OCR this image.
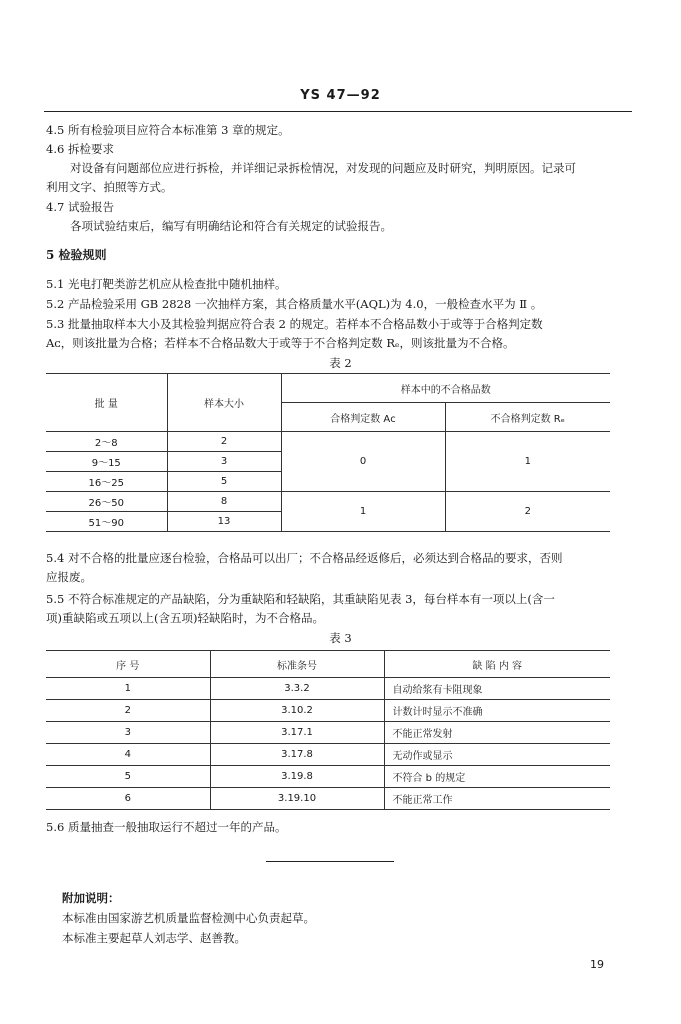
YS 47—92
4.5 所有检验项目应符合本标准第 3 章的规定。
4.6 拆检要求
对设备有问题部位应进行拆检，并详细记录拆检情况，对发现的问题应及时研究，判明原因。记录可
利用文字、拍照等方式。
4.7 试验报告
各项试验结束后，编写有明确结论和符合有关规定的试验报告。
5 检验规则
5.1 光电打靶类游艺机应从检查批中随机抽样。
5.2 产品检验采用 GB 2828 一次抽样方案，其合格质量水平(AQL)为 4.0，一般检查水平为 Ⅱ 。
5.3 批量抽取样本大小及其检验判据应符合表 2 的规定。若样本不合格品数小于或等于合格判定数
Aᴄ，则该批量为合格；若样本不合格品数大于或等于不合格判定数 Rₑ，则该批量为不合格。
表 2
批 量	样本大小	样本中的不合格品数	
		合格判定数 Aᴄ	不合格判定数 Rₑ
2～8	2	0	1
9～15	3		
16～25	5		
26～50	8	1	2
51～90	13		
5.4 对不合格的批量应逐台检验，合格品可以出厂；不合格品经返修后，必须达到合格品的要求，否则
应报废。
5.5 不符合标准规定的产品缺陷，分为重缺陷和轻缺陷，其重缺陷见表 3，每台样本有一项以上(含一
项)重缺陷或五项以上(含五项)轻缺陷时，为不合格品。
表 3
序 号	标准条号	缺 陷 内 容
1	3.3.2	自动给浆有卡阻现象
2	3.10.2	计数计时显示不准确
3	3.17.1	不能正常发射
4	3.17.8	无动作或显示
5	3.19.8	不符合 b 的规定
6	3.19.10	不能正常工作
5.6 质量抽查一般抽取运行不超过一年的产品。
附加说明：
本标准由国家游艺机质量监督检测中心负责起草。
本标准主要起草人刘志学、赵善教。
19
